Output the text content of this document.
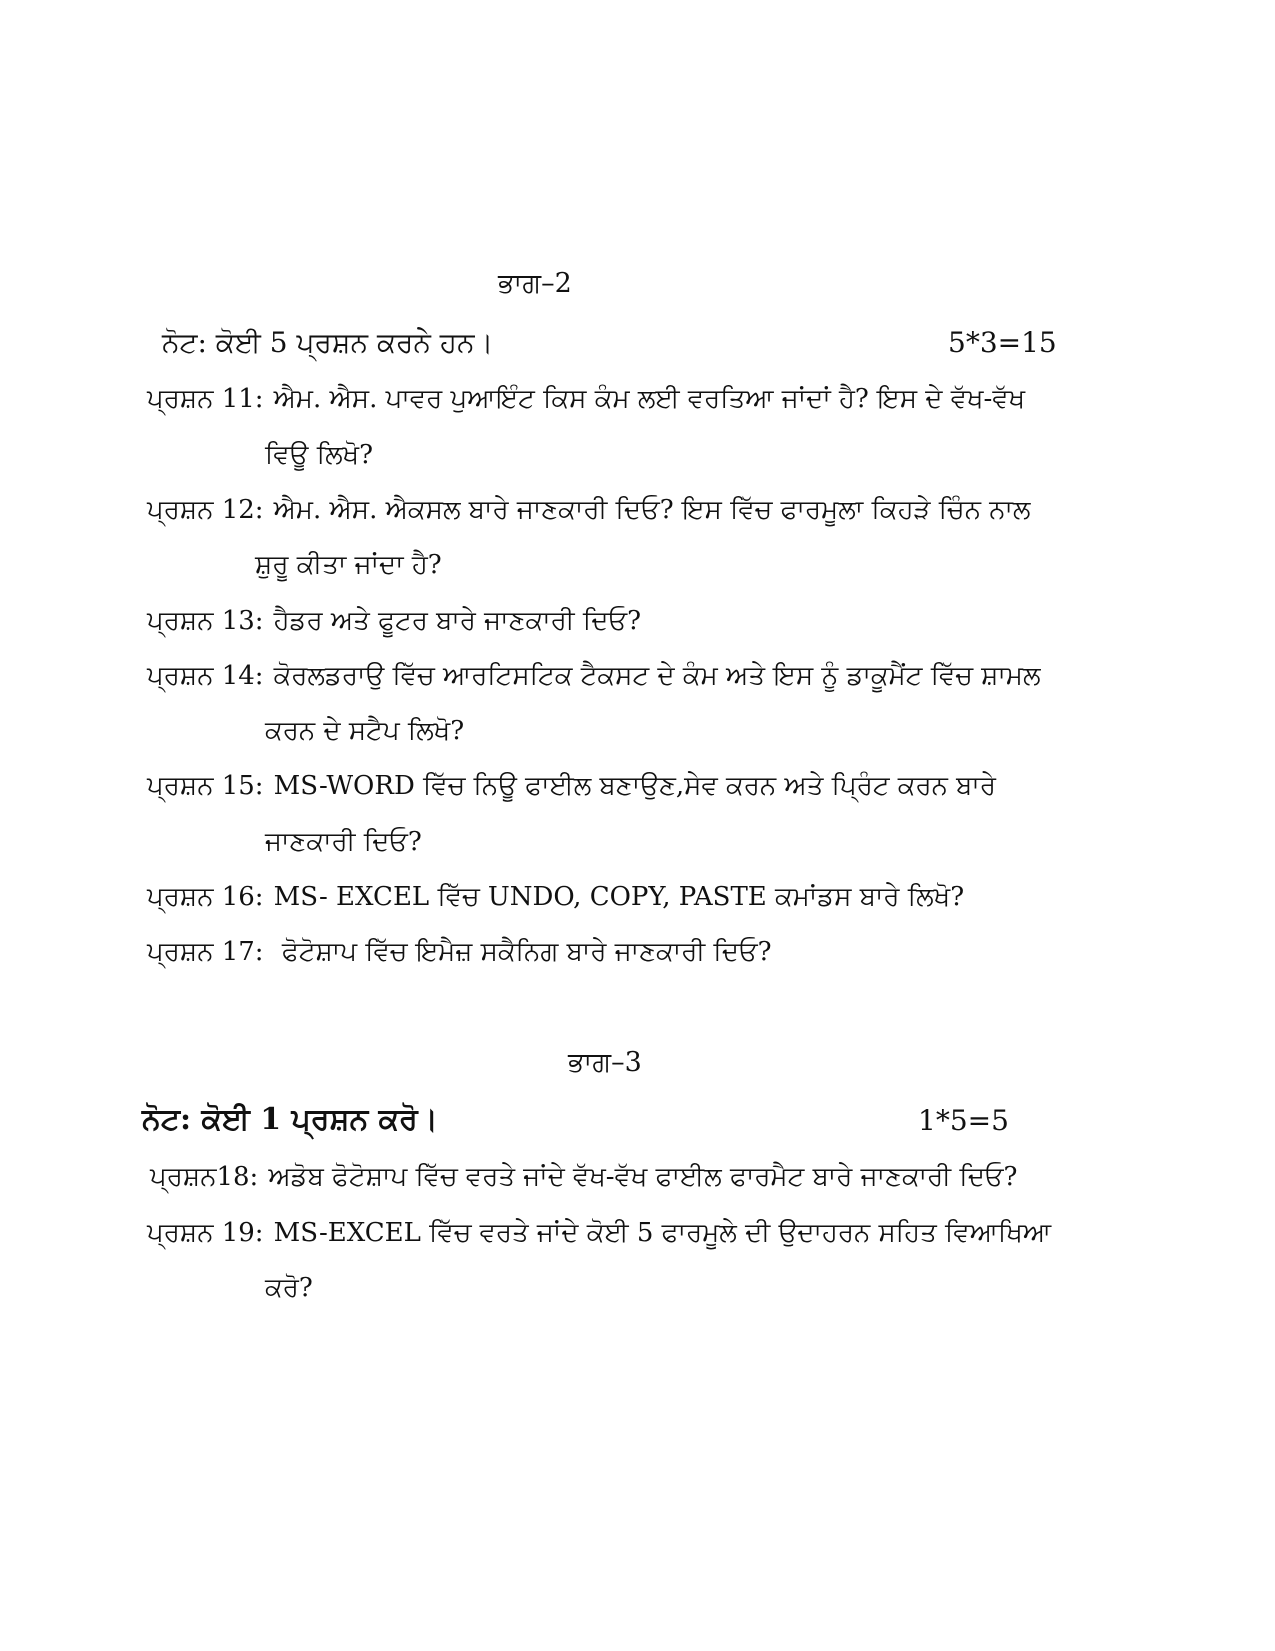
ਭਾਗ–2
ਨੋਟ: ਕੋਈ 5 ਪ੍ਰਸ਼ਨ ਕਰਨੇ ਹਨ।	5*3=15
ਪ੍ਰਸ਼ਨ 11: ਐਮ. ਐਸ. ਪਾਵਰ ਪੁਆਇੰਟ ਕਿਸ ਕੰਮ ਲਈ ਵਰਤਿਆ ਜਾਂਦਾਂ ਹੈ? ਇਸ ਦੇ ਵੱਖ-ਵੱਖ
ਵਿਊ ਲਿਖੋ?
ਪ੍ਰਸ਼ਨ 12: ਐਮ. ਐਸ. ਐਕਸਲ ਬਾਰੇ ਜਾਣਕਾਰੀ ਦਿਓ? ਇਸ ਵਿੱਚ ਫਾਰਮੂਲਾ ਕਿਹੜੇ ਚਿੰਨ ਨਾਲ
ਸ਼ੁਰੂ ਕੀਤਾ ਜਾਂਦਾ ਹੈ?
ਪ੍ਰਸ਼ਨ 13: ਹੈਡਰ ਅਤੇ ਫੂਟਰ ਬਾਰੇ ਜਾਣਕਾਰੀ ਦਿਓ?
ਪ੍ਰਸ਼ਨ 14: ਕੋਰਲਡਰਾਉ ਵਿੱਚ ਆਰਟਿਸਟਿਕ ਟੈਕਸਟ ਦੇ ਕੰਮ ਅਤੇ ਇਸ ਨੂੰ ਡਾਕੂਮੈਂਟ ਵਿੱਚ ਸ਼ਾਮਲ
ਕਰਨ ਦੇ ਸਟੈਪ ਲਿਖੋ?
ਪ੍ਰਸ਼ਨ 15: MS-WORD ਵਿੱਚ ਨਿਊ ਫਾਈਲ ਬਣਾਉਣ,ਸੇਵ ਕਰਨ ਅਤੇ ਪ੍ਰਿੰਟ ਕਰਨ ਬਾਰੇ
ਜਾਣਕਾਰੀ ਦਿਓ?
ਪ੍ਰਸ਼ਨ 16: MS- EXCEL ਵਿੱਚ UNDO, COPY, PASTE ਕਮਾਂਡਸ ਬਾਰੇ ਲਿਖੋ?
ਪ੍ਰਸ਼ਨ 17: ਫੋਟੋਸ਼ਾਪ ਵਿੱਚ ਇਮੈਜ਼ ਸਕੈਨਿਗ ਬਾਰੇ ਜਾਣਕਾਰੀ ਦਿਓ?
ਭਾਗ–3
ਨੋਟ: ਕੋਈ 1 ਪ੍ਰਸ਼ਨ ਕਰੋ।	1*5=5
ਪ੍ਰਸ਼ਨ18: ਅਡੋਬ ਫੋਟੋਸ਼ਾਪ ਵਿੱਚ ਵਰਤੇ ਜਾਂਦੇ ਵੱਖ-ਵੱਖ ਫਾਈਲ ਫਾਰਮੈਟ ਬਾਰੇ ਜਾਣਕਾਰੀ ਦਿਓ?
ਪ੍ਰਸ਼ਨ 19: MS-EXCEL ਵਿੱਚ ਵਰਤੇ ਜਾਂਦੇ ਕੋਈ 5 ਫਾਰਮੂਲੇ ਦੀ ਉਦਾਹਰਨ ਸਹਿਤ ਵਿਆਖਿਆ
ਕਰੋ?
